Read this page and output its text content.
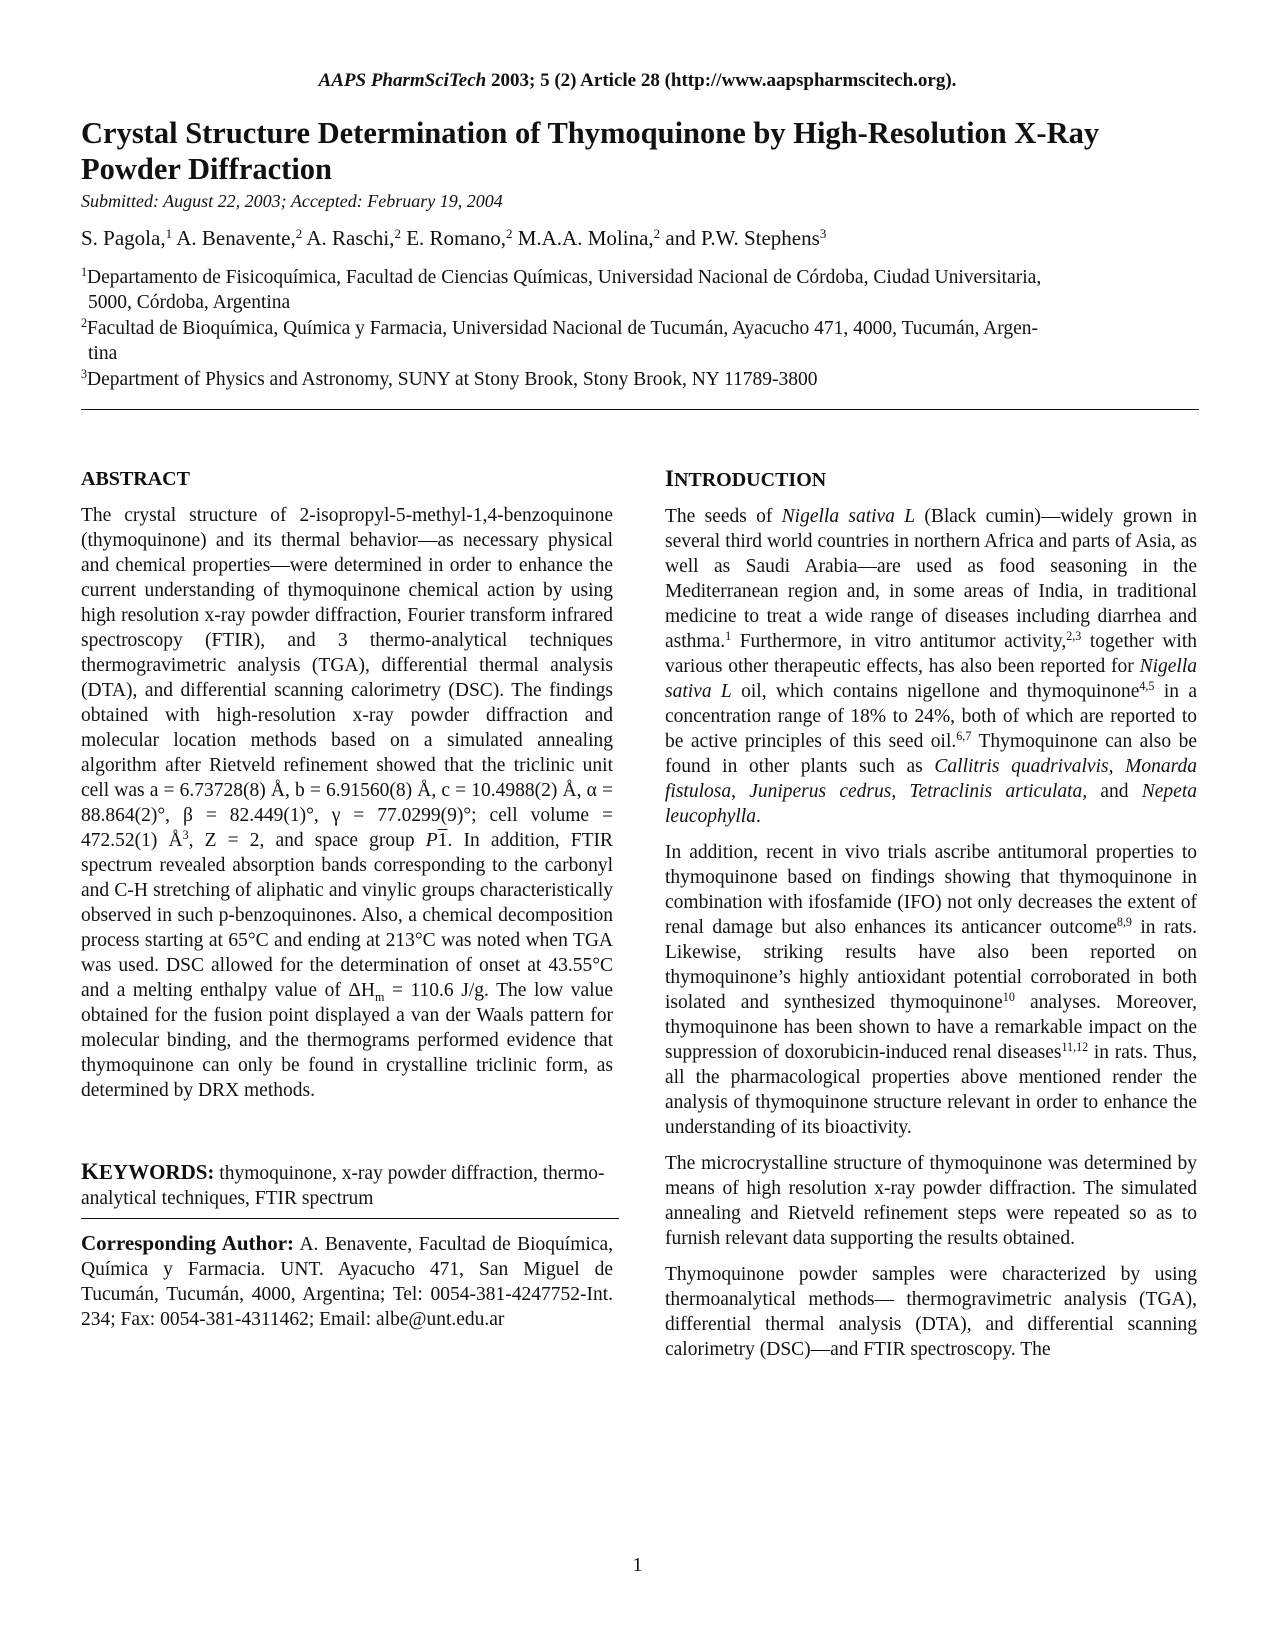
AAPS PharmSciTech 2003; 5 (2) Article 28 (http://www.aapspharmscitech.org).
Crystal Structure Determination of Thymoquinone by High-Resolution X-Ray Powder Diffraction
Submitted: August 22, 2003; Accepted: February 19, 2004
S. Pagola,$^1$ A. Benavente,$^2$ A. Raschi,$^2$ E. Romano,$^2$ M.A.A. Molina,$^2$ and P.W. Stephens$^3$
$^1$Departamento de Fisicoquímica, Facultad de Ciencias Químicas, Universidad Nacional de Córdoba, Ciudad Universitaria,
5000, Córdoba, Argentina
$^2$Facultad de Bioquímica, Química y Farmacia, Universidad Nacional de Tucumán, Ayacucho 471, 4000, Tucumán, Argen-
tina
$^3$Department of Physics and Astronomy, SUNY at Stony Brook, Stony Brook, NY 11789-3800
ABSTRACT

The crystal structure of 2-isopropyl-5-methyl-1,4-benzoquinone (thymoquinone) and its thermal behavior—as necessary physical and chemical properties—were determined in order to enhance the current understanding of thymoquinone chemical action by using high resolution x-ray powder diffraction, Fourier transform infrared spectroscopy (FTIR), and 3 thermo-analytical techniques thermogravimetric analysis (TGA), differential thermal analysis (DTA), and differential scanning calorimetry (DSC). The findings obtained with high-resolution x-ray powder diffraction and molecular location methods based on a simulated annealing algorithm after Rietveld refinement showed that the triclinic unit cell was a = 6.73728(8) Å, b = 6.91560(8) Å, c = 10.4988(2) Å, α = 88.864(2)°, β = 82.449(1)°, γ = 77.0299(9)°; cell volume = 472.52(1) $Å^3$, Z = 2, and space group P1. In addition, FTIR spectrum revealed absorption bands corresponding to the carbonyl and C-H stretching of aliphatic and vinylic groups characteristically observed in such p-benzoquinones. Also, a chemical decomposition process starting at 65°C and ending at 213°C was noted when TGA was used. DSC allowed for the determination of onset at 43.55°C and a melting enthalpy value of $\Delta H_m = 110.6$ J/g. The low value obtained for the fusion point displayed a van der Waals pattern for molecular binding, and the thermograms performed evidence that thymoquinone can only be found in crystalline triclinic form, as determined by DRX methods.

KEYWORDS: thymoquinone, x-ray powder diffraction, thermo-analytical techniques, FTIR spectrum
Corresponding Author: A. Benavente, Facultad de Bioquímica, Química y Farmacia. UNT. Ayacucho 471, San Miguel de Tucumán, Tucumán, 4000, Argentina; Tel: 0054-381-4247752-Int. 234; Fax: 0054-381-4311462; Email: albe@unt.edu.ar
INTRODUCTION

The seeds of Nigella sativa L (Black cumin)—widely grown in several third world countries in northern Africa and parts of Asia, as well as Saudi Arabia—are used as food seasoning in the Mediterranean region and, in some areas of India, in traditional medicine to treat a wide range of diseases including diarrhea and asthma.$^1$ Furthermore, in vitro antitumor activity,$^{2,3}$ together with various other therapeutic effects, has also been reported for Nigella sativa L oil, which contains nigellone and thymoquinone$^{4,5}$ in a concentration range of 18% to 24%, both of which are reported to be active principles of this seed oil.$^{6,7}$ Thymoquinone can also be found in other plants such as Callitris quadrivalvis, Monarda fistulosa, Juniperus cedrus, Tetraclinis articulata, and Nepeta leucophylla.

In addition, recent in vivo trials ascribe antitumoral properties to thymoquinone based on findings showing that thymoquinone in combination with ifosfamide (IFO) not only decreases the extent of renal damage but also enhances its anticancer outcome$^{8,9}$ in rats. Likewise, striking results have also been reported on thymoquinone’s highly antioxidant potential corroborated in both isolated and synthesized thymoquinone$^{10}$ analyses. Moreover, thymoquinone has been shown to have a remarkable impact on the suppression of doxorubicin-induced renal diseases$^{11,12}$ in rats. Thus, all the pharmacological properties above mentioned render the analysis of thymoquinone structure relevant in order to enhance the understanding of its bioactivity.

The microcrystalline structure of thymoquinone was determined by means of high resolution x-ray powder diffraction. The simulated annealing and Rietveld refinement steps were repeated so as to furnish relevant data supporting the results obtained.

Thymoquinone powder samples were characterized by using thermoanalytical methods— thermogravimetric analysis (TGA), differential thermal analysis (DTA), and differential scanning calorimetry (DSC)—and FTIR spectroscopy. The

1
